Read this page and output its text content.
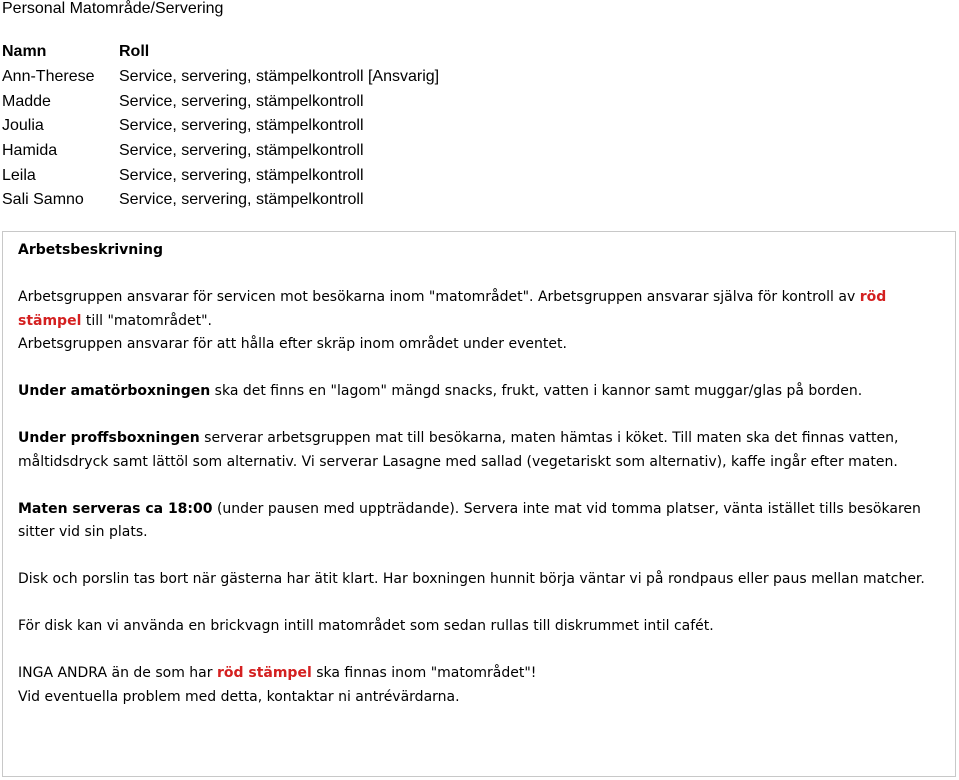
Personal Matområde/Servering
Namn	Roll
Ann-Therese	Service, servering, stämpelkontroll [Ansvarig]
Madde	Service, servering, stämpelkontroll
Joulia	Service, servering, stämpelkontroll
Hamida	Service, servering, stämpelkontroll
Leila	Service, servering, stämpelkontroll
Sali Samno	Service, servering, stämpelkontroll
Arbetsbeskrivning
Arbetsgruppen ansvarar för servicen mot besökarna inom "matområdet". Arbetsgruppen ansvarar själva för kontroll av röd stämpel till "matområdet".
Arbetsgruppen ansvarar för att hålla efter skräp inom området under eventet.
Under amatörboxningen ska det finns en "lagom" mängd snacks, frukt, vatten i kannor samt muggar/glas på borden.
Under proffsboxningen serverar arbetsgruppen mat till besökarna, maten hämtas i köket. Till maten ska det finnas vatten, måltidsdryck samt lättöl som alternativ. Vi serverar Lasagne med sallad (vegetariskt som alternativ), kaffe ingår efter maten.
Maten serveras ca 18:00 (under pausen med uppträdande). Servera inte mat vid tomma platser, vänta istället tills besökaren sitter vid sin plats.
Disk och porslin tas bort när gästerna har ätit klart. Har boxningen hunnit börja väntar vi på rondpaus eller paus mellan matcher.
För disk kan vi använda en brickvagn intill matområdet som sedan rullas till diskrummet intil cafét.
INGA ANDRA än de som har röd stämpel ska finnas inom "matområdet"!
Vid eventuella problem med detta, kontaktar ni antrévärdarna.
